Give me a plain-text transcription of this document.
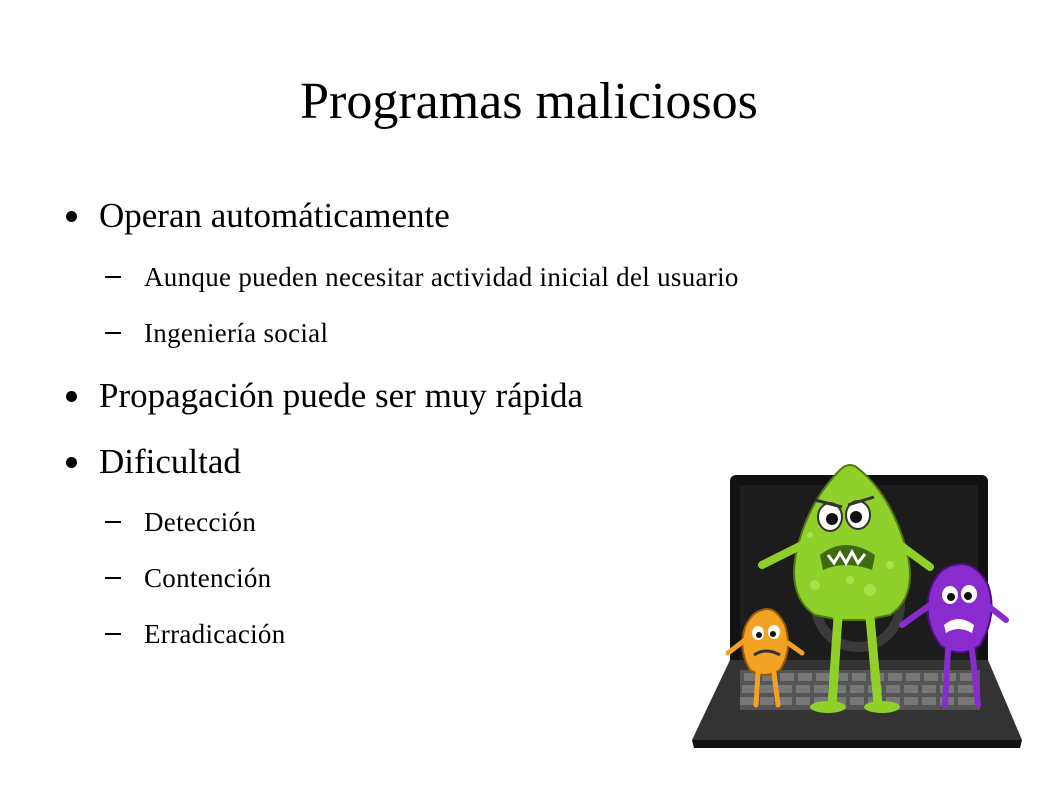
Programas maliciosos
Operan automáticamente
Aunque pueden necesitar actividad inicial del usuario
Ingeniería social
Propagación puede ser muy rápida
Dificultad
Detección
Contención
Erradicación
